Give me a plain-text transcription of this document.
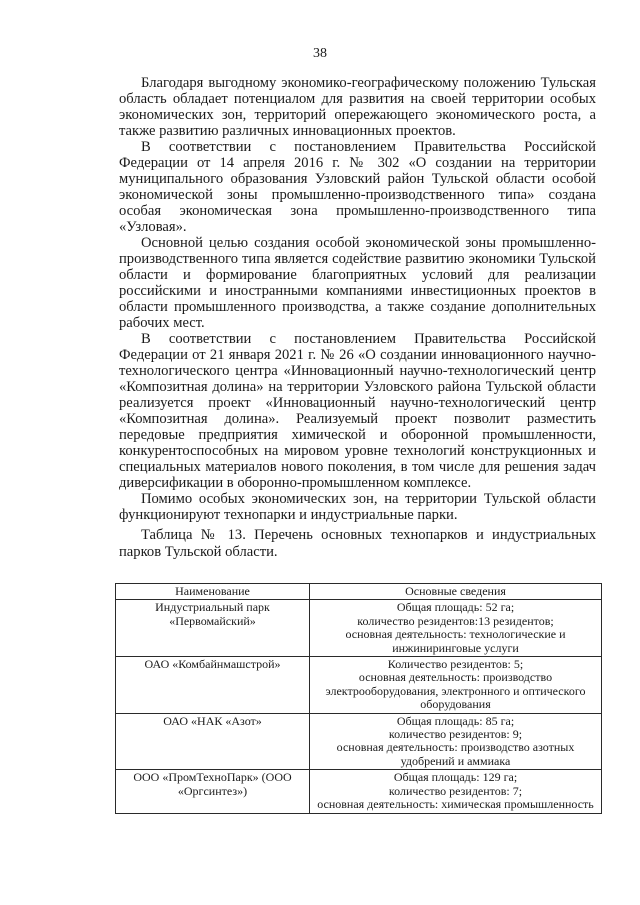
38

Благодаря выгодному экономико-географическому положению Тульская область обладает потенциалом для развития на своей территории особых экономических зон, территорий опережающего экономического роста, а также развитию различных инновационных проектов.

В соответствии с постановлением Правительства Российской Федерации от 14 апреля 2016 г. № 302 «О создании на территории муниципального образования Узловский район Тульской области особой экономической зоны промышленно-производственного типа» создана особая экономическая зона промышленно-производственного типа «Узловая».

Основной целью создания особой экономической зоны промышленно-производственного типа является содействие развитию экономики Тульской области и формирование благоприятных условий для реализации российскими и иностранными компаниями инвестиционных проектов в области промышленного производства, а также создание дополнительных рабочих мест.

В соответствии с постановлением Правительства Российской Федерации от 21 января 2021 г. № 26 «О создании инновационного научно-технологического центра «Инновационный научно-технологический центр «Композитная долина» на территории Узловского района Тульской области реализуется проект «Инновационный научно-технологический центр «Композитная долина». Реализуемый проект позволит разместить передовые предприятия химической и оборонной промышленности, конкурентоспособных на мировом уровне технологий конструкционных и специальных материалов нового поколения, в том числе для решения задач диверсификации в оборонно-промышленном комплексе.

Помимо особых экономических зон, на территории Тульской области функционируют технопарки и индустриальные парки.

Таблица № 13. Перечень основных технопарков и индустриальных парков Тульской области.

Наименование	Основные сведения
Индустриальный парк «Первомайский»	Общая площадь: 52 га;
количество резидентов:13 резидентов;
основная деятельность: технологические и инжиниринговые услуги

ОАО «Комбайнмашстрой»	Количество резидентов: 5;
основная деятельность: производство электрооборудования, электронного и оптического оборудования

ОАО «НАК «Азот»	Общая площадь: 85 га;
количество резидентов: 9;
основная деятельность: производство азотных удобрений и аммиака

ООО «ПромТехноПарк» (ООО «Оргсинтез»)	Общая площадь: 129 га;
количество резидентов: 7;
основная деятельность: химическая промышленность
